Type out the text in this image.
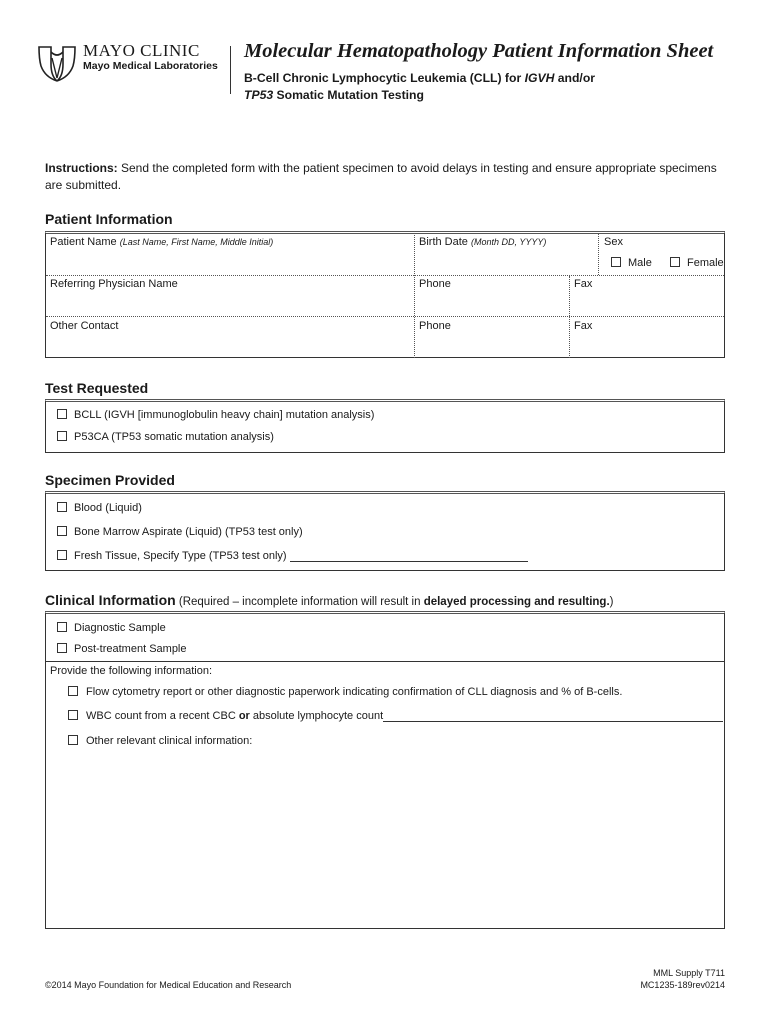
MAYO CLINIC
Mayo Medical Laboratories
Molecular Hematopathology Patient Information Sheet
B-Cell Chronic Lymphocytic Leukemia (CLL) for IGVH and/or
TP53 Somatic Mutation Testing
Instructions: Send the completed form with the patient specimen to avoid delays in testing and ensure appropriate specimens are submitted.
Patient Information
Patient Name (Last Name, First Name, Middle Initial)	Birth Date (Month DD, YYYY)	Sex
Male	Female
Referring Physician Name	Phone	Fax
Other Contact	Phone	Fax
Test Requested
BCLL (IGVH [immunoglobulin heavy chain] mutation analysis)
P53CA (TP53 somatic mutation analysis)
Specimen Provided
Blood (Liquid)
Bone Marrow Aspirate (Liquid) (TP53 test only)
Fresh Tissue, Specify Type (TP53 test only)
Clinical Information (Required – incomplete information will result in delayed processing and resulting.)
Diagnostic Sample
Post-treatment Sample
Provide the following information:
Flow cytometry report or other diagnostic paperwork indicating confirmation of CLL diagnosis and % of B-cells.
WBC count from a recent CBC or absolute lymphocyte count
Other relevant clinical information:
©2014 Mayo Foundation for Medical Education and Research
MML Supply T711
MC1235-189rev0214
